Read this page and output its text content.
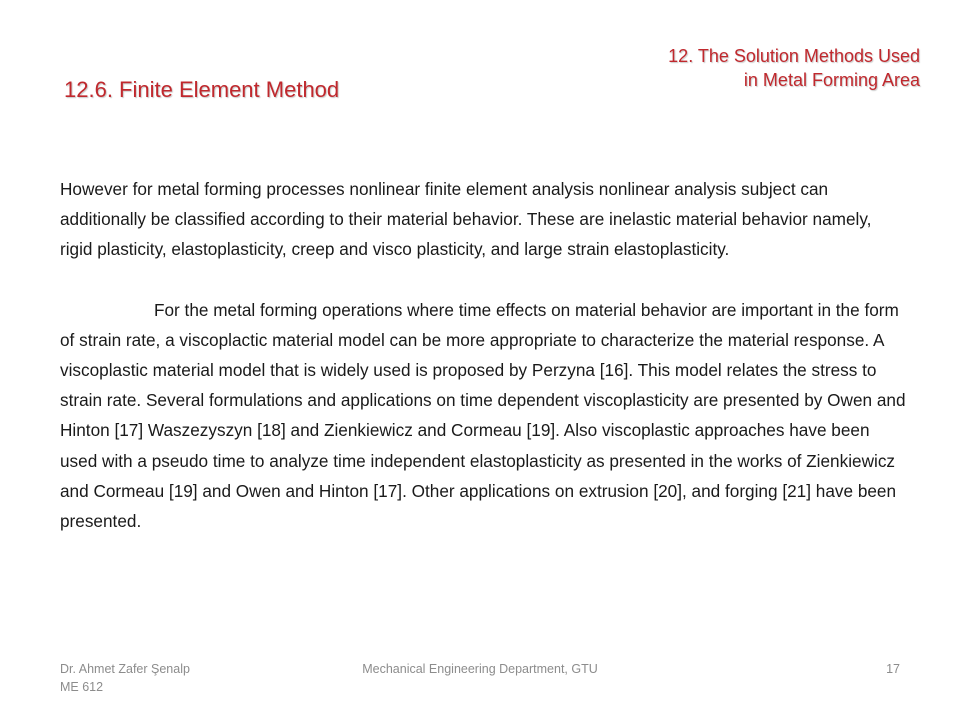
12. The Solution Methods Used
in Metal Forming Area
12.6. Finite Element Method

However for metal forming processes nonlinear finite element analysis nonlinear analysis subject can additionally be classified according to their material behavior. These are inelastic material behavior namely, rigid plasticity, elastoplasticity, creep and visco plasticity, and large strain elastoplasticity.

For the metal forming operations where time effects on material behavior are important in the form of strain rate, a viscoplactic material model can be more appropriate to characterize the material response. A viscoplastic material model that is widely used is proposed by Perzyna [16]. This model relates the stress to strain rate. Several formulations and applications on time dependent viscoplasticity are presented by Owen and Hinton [17] Waszezyszyn [18] and Zienkiewicz and Cormeau [19]. Also viscoplastic approaches have been used with a pseudo time to analyze time independent elastoplasticity as presented in the works of Zienkiewicz and Cormeau [19] and Owen and Hinton [17]. Other applications on extrusion [20], and forging [21] have been presented.

Dr. Ahmet Zafer Şenalp
ME 612
Mechanical Engineering Department, GTU	17
